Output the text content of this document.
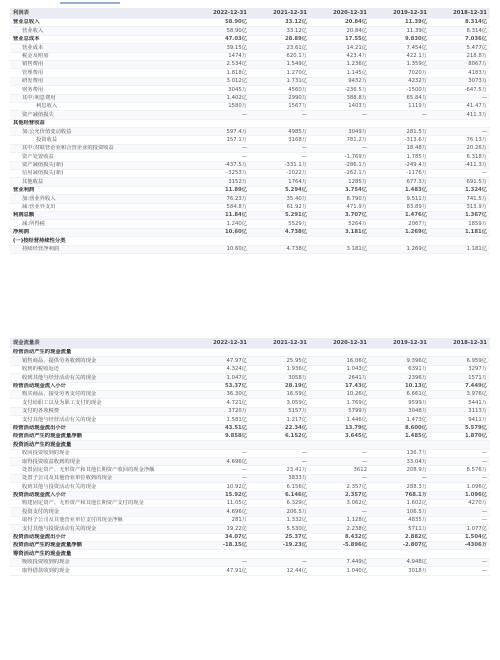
利润表	2022-12-31	2021-12-31	2020-12-31	2019-12-31	2018-12-31
营业总收入	58.90亿	33.12亿	20.84亿	11.39亿	8.314亿
营业收入	58.90亿	33.12亿	20.84亿	11.39亿	8.314亿
营业总成本	47.03亿	28.89亿	17.55亿	9.830亿	7.036亿
营业成本	39.15亿	23.61亿	14.21亿	7.454亿	5.477亿
税金及附加	1474万	620.1万	423.4万	422.1万	218.8万
销售费用	2.534亿	1.549亿	1.236亿	1.359亿	8067万
管理费用	1.818亿	1.270亿	1.145亿	7020万	4183万
研发费用	3.012亿	1.731亿	9432万	4232万	3073万
财务费用	3045万	4560万	-236.5万	-1500万	-647.5万
其中:利息费用	1.402亿	2990万	388.8万	65.84万	—
利息收入	1580万	1567万	1403万	1119万	41.47万
资产减值损失	—	—	—	—	411.3万
其他经营收益					
加:公允价值变动收益	597.4万	4985万	3049万	281.5万	—
投资收益	157.1万	3168万	781.2万	-313.6万	76.13万
其中:对联营企业和合营企业的投资收益	—	—	—	18.48万	20.26万
资产处置收益	—	—	-1.769万	1.785万	6.318万
资产减值损失(新)	-437.5万	-331.1万	-286.1万	-249.4万	-411.3万
信用减值损失(新)	-3253万	-1022万	-262.1万	-1176万	—
其他收益	3152万	1764万	1285万	677.3万	691.5万
营业利润	11.89亿	5.294亿	3.754亿	1.483亿	1.324亿
加:营业外收入	76.23万	35.40万	8.790万	9.511万	741.5万
减:营业外支出	584.8万	61.92万	471.9万	83.89万	313.9万
利润总额	11.84亿	5.291亿	3.707亿	1.476亿	1.367亿
减:所得税	1.240亿	5529万	5264万	2067万	1859万
净利润	10.60亿	4.738亿	3.181亿	1.269亿	1.181亿
(一)按经营持续性分类					
持续经营净利润	10.60亿	4.738亿	3.181亿	1.269亿	1.181亿
现金流量表	2022-12-31	2021-12-31	2020-12-31	2019-12-31	2018-12-31
经营活动产生的现金流量					
销售商品、提供劳务收到的现金	47.97亿	25.95亿	16.06亿	9.396亿	6.959亿
收到的税收返还	4.324亿	1.936亿	1.043亿	6391万	3297万
收到其他与经营活动有关的现金	1.047亿	3058万	2641万	2396万	1571万
经营活动现金流入小计	53.37亿	28.19亿	17.43亿	10.13亿	7.449亿
购买商品、接受劳务支付的现金	36.30亿	16.59亿	10.26亿	6.661亿	3.976亿
支付给职工以及为职工支付的现金	4.721亿	3.059亿	1.769亿	9599万	5441万
支付的各项税费	3720万	5157万	5799万	3048万	3113万
支付其他与经营活动有关的现金	1.581亿	1.217亿	1.446亿	1.473亿	9411万
经营活动现金流出小计	43.51亿	22.34亿	13.79亿	8.600亿	5.579亿
经营活动产生的现金流量净额	9.858亿	6.152亿	3.645亿	1.485亿	1.870亿
投资活动产生的现金流量					
收回投资收到的现金	—	—	—	136.7万	—
取得投资收益收到的现金	4.696亿	—	—	33.04万	—
处置固定资产、无形资产和其他长期资产收回的现金净额	—	23.41万	3612	208.9万	8.576万
处置子公司及其他营业单位收到的现金	—	3833万	—	—	—
收到其他与投资活动有关的现金	10.92亿	6.156亿	2.357亿	288.3万	1.096亿
投资活动现金流入小计	15.92亿	6.146亿	2.357亿	768.1万	1.096亿
购建固定资产、无形资产和其他长期资产支付的现金	11.05亿	6.329亿	3.062亿	1.602亿	4270万
投资支付的现金	4.696亿	206.5万	—	106.5万	—
取得子公司及其他营业单位支付的现金净额	281万	1.332亿	1.128亿	4835万	—
支付其他与投资活动有关的现金	19.22亿	5.530亿	2.238亿	5711万	1.077亿
投资活动现金流出小计	34.07亿	25.37亿	8.432亿	2.882亿	1.504亿
投资活动产生的现金流量净额	-18.15亿	-19.23亿	-5.896亿	-2.807亿	-4306万
筹资活动产生的现金流量					
吸收投资收到的现金	—	—	7.449亿	4.948亿	—
取得借款收到的现金	47.91亿	12.44亿	1.040亿	3018万	—
